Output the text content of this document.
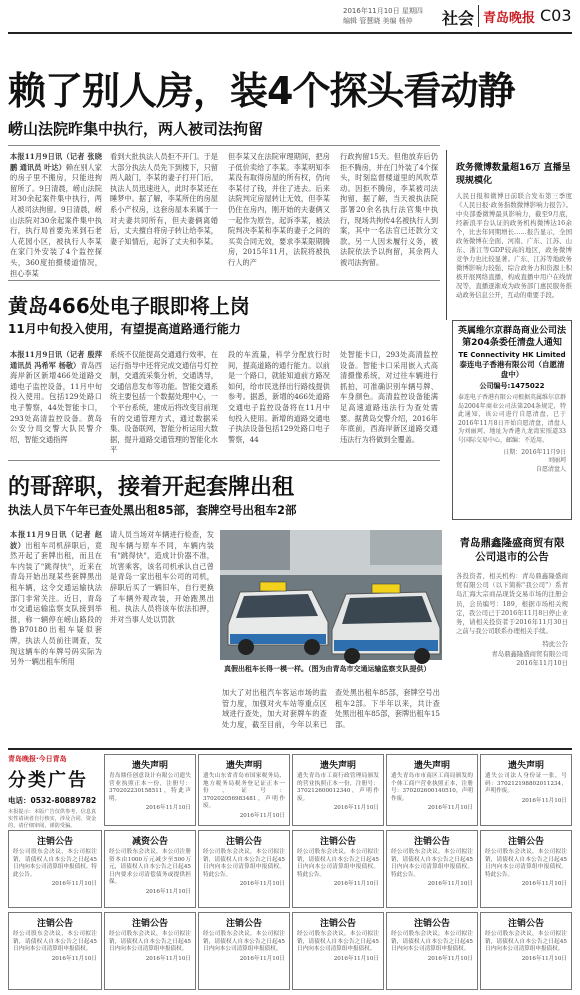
2016年11月10日 星期四
编辑 管慧晓 美编 杨仲 社会 青岛晚报 C03
赖了别人房，装4个探头看动静
崂山法院昨集中执行，两人被司法拘留
本报11月9日讯（记者 张晓鹏 通讯员 叶达）赖在别人家的房子里不搬房，只能进拘留所了。9日清晨，崂山法院对30余起案件集中执行，两人被司法拘留。9日清晨，崂山法院对30余起案件集中执行，执行局首要先来到石老人花园小区，被执行人李某在家门外安装了4个监控探头，360度拍摄楼道情况，担心李某
看到大批执法人员拒不开门。于是大部分执法人员先下到楼下，只留两人敲门，李某的妻子打开门后，执法人员迅速进入，此时李某还在睡梦中。据了解，李某所住的房屋系小产权房，这套房屋本来属于一对夫妻共同所有，但夫妻俩离婚后，丈夫擅自将房子转让给李某，妻子知情后，起诉了丈夫和李某。
但李某又在法院审理期间，把房子低价卖给了李某。李某明知李某没有取得房屋的所有权，仍向李某付了钱，并住了进去。后来法院判定房屋转让无效，但李某仍住在房内，刚开始的夫妻俩又一起作为原告，起诉李某，被法院判决李某和李某的妻子之间的买卖合同无效，要求李某限期腾房，2015年11月，法院将被执行人的产
行政拘留15天。但他放弃后仍拒不腾房，并在门外装了4个探头，时刻监督楼道里的风吹草动。因拒不腾房，李某被司法拘留，据了解，当天被执法院部署20余名执行法官集中执行，现场共拘传4名被执行人到案，其中一名法官已还款分文款。另一人因未履行义务，被法院依法予以拘留，其余两人被司法拘留。
政务微博数量超16万 直播呈现规模化
人民日报和微博日前联合发布第三季度《人民日报·政务指数微博影响力报告》。中央部委微博最具影响力，截至9月底，经新浪平台认证的政务机构微博达16余个，比去年同期增长……报告显示，全国政务微博在全面、河南、广东、江苏、山东、浙江等GDP较高的地区，政务微博竞争力也比较显著。广东、江苏等地政务微博影响力较强、综合政务力和资源上积极开展网络直播，构成直播中用户在线情况等，直播逐渐成为政务部门惠民服务推动政务信息公开，互动的重要手段。
黄岛466处电子眼即将上岗
11月中旬投入使用，有望提高道路通行能力
本报11月9日讯（记者 殷萍 通讯员 冯希军 杨敬）青岛西海岸新区新增466处道路交通电子监控设备，11月中旬投入使用。包括129处路口电子警察，44处智能卡口，293处高清监控设备。黄岛公安分局交警大队民警介绍，智能交通指挥
系统不仅能提高交通通行效率，在运行指导中还将完成交通信号灯控制，交通流采集分析，交通诱导，交通信息发布等功能。智能交通系统主要包括一个数据处理中心，一个平台系统，建成后将改变目前现有的交通管理方式，通过数据采集、设备联网，智能分析运用大数据，提升道路交通管理的智能化水平
段的车流量，科学分配放行时间，提高道路的通行能力。以前是一个路口，就能知道前方路况如何，给市民选择出行路线提供参考。据悉，新增的466处道路交通电子监控设备将在11月中旬投入使用。新增的道路交通电子执法设备包括129处路口电子警察，44
处智能卡口，293处高清监控设备。智能卡口采用嵌入式高清摄像系统，对过往车辆进行抓拍，可准确识别车辆号牌、车身颜色。高清监控设备能满足高速道路违法行为查处需要。据黄岛交警介绍，2016年年底前，西海岸新区道路交通违法行为将做到全覆盖。
英属维尔京群岛商业公司法第204条委任清盘人通知
TE Connectivity HK Limited
泰连电子香港有限公司（自愿清盘中）
公司编号:1475022
泰连电子香港有限公司根据英属维尔京群岛2004年商业公司法第204条规定，特此通知，该公司进行自愿清盘，已于2016年11月8日开始自愿清盘，清盘人为刘丽珂，地址为香港九龙湾宏照道33号国际交易中心，邮编：不适用。
日期：2016年11月9日
刘丽珂
自愿清盘人
的哥辞职，接着开起套牌出租
执法人员下午年已查处黑出租85部，套牌空号出租车2部
本报11月9日讯（记者 赵波）出租车司机辞职后，竟然开起了套牌出租，而且在车内装了"跳得快"，近来在青岛开始出现某些套牌黑出租车辆，这令交通运输执法部门非常关注。近日，青岛市交通运输监察支队接到举报，称一辆停在崂山路段的鲁B70180出租车疑似套牌，执法人员前往调查，发现这辆车的车牌号码实际为另外一辆出租车所用
请人员当场对车辆进行检查，发现车辆与原车不同，车辆内装有"跳得快"，造成计价器不准，坑害乘客，该名司机承认自己曾是青岛一家出租车公司的司机，辞职后买了一辆旧车，自行更换了车辆外观改装，开始跑黑出租。执法人员将该车依法扣押，并对当事人处以罚款
真假出租车长得一模一样。（图为由青岛市交通运输监察支队提供）
加大了对出租汽车客运市场的监管力度，加强对火车站等重点区域进行查处，加大对套牌车的查处力度，截至目前，今年以来已查处黑出租车85部，套牌空号出租车2部。下半年以来，共计查处黑出租车85部，套牌出租车15部。
青岛鼎鑫隆盛商贸有限公司退市的公告
各投资者、相关机构：青岛鼎鑫隆盛商贸有限公司（以下简称"我公司"）系青岛汇海大宗商品现货交易市场的注册会员，会员编号：189，根据市场相关规定，我公司已于2016年11月8日停止业务，请相关投资者于2016年11月30日之前与我公司联系办理相关手续。
特此公告
青岛鼎鑫隆盛商贸有限公司
2016年11月10日
青岛晚报·今日青岛
分类广告
电话：0532-80889782
本报提示：本版广告仅供参考，信息真实性请读者自行核实，涉及合同、资金的，请仔细审阅，谨防受骗。
遗失声明
青岛鼎佳创意设计有限公司遗失营业执照正本一份，注册号：370202230158511，特此声明。
2016年11月10日
遗失声明
遗失山东省青岛市国家税务局、地方税务局税务登记证正本一份，证号：370202056983481，声明作废。
2016年11月10日
遗失声明
遗失青岛市工商行政管理局颁发的营业执照正本一份，注册号：370212600012340，声明作废。
2016年11月10日
遗失声明
遗失青岛市市南区工商局颁发的个体工商户营业执照正本，注册号：370202600140510，声明作废。
2016年11月10日
遗失声明
遗失公司法人身份证一张，号码：370212198802011234，声明作废。
2016年11月10日
注销公告
经公司股东会决议，本公司拟注销，请债权人自本公告之日起45日内向本公司清算组申报债权。特此公告。
2016年11月10日
减资公告
经公司股东会决议，本公司注册资本由1000万元减少至500万元，请债权人自本公告之日起45日内要求公司清偿债务或提供担保。
2016年11月10日
注销公告
经公司股东会决议，本公司拟注销，请债权人自本公告之日起45日内向本公司清算组申报债权。特此公告。
2016年11月10日
注销公告
经公司股东会决议，本公司拟注销，请债权人自本公告之日起45日内向本公司清算组申报债权。特此公告。
2016年11月10日
注销公告
经公司股东会决议，本公司拟注销，请债权人自本公告之日起45日内向本公司清算组申报债权。特此公告。
2016年11月10日
注销公告
经公司股东会决议，本公司拟注销，请债权人自本公告之日起45日内向本公司清算组申报债权。特此公告。
2016年11月10日
注销公告
经公司股东会决议，本公司拟注销，请债权人自本公告之日起45日内向本公司清算组申报债权。
2016年11月10日
注销公告
经公司股东会决议，本公司拟注销，请债权人自本公告之日起45日内向本公司清算组申报债权。
2016年11月10日
注销公告
经公司股东会决议，本公司拟注销，请债权人自本公告之日起45日内向本公司清算组申报债权。
2016年11月10日
注销公告
经公司股东会决议，本公司拟注销，请债权人自本公告之日起45日内向本公司清算组申报债权。
2016年11月10日
注销公告
经公司股东会决议，本公司拟注销，请债权人自本公告之日起45日内向本公司清算组申报债权。
2016年11月10日
注销公告
经公司股东会决议，本公司拟注销，请债权人自本公告之日起45日内向本公司清算组申报债权。
2016年11月10日
